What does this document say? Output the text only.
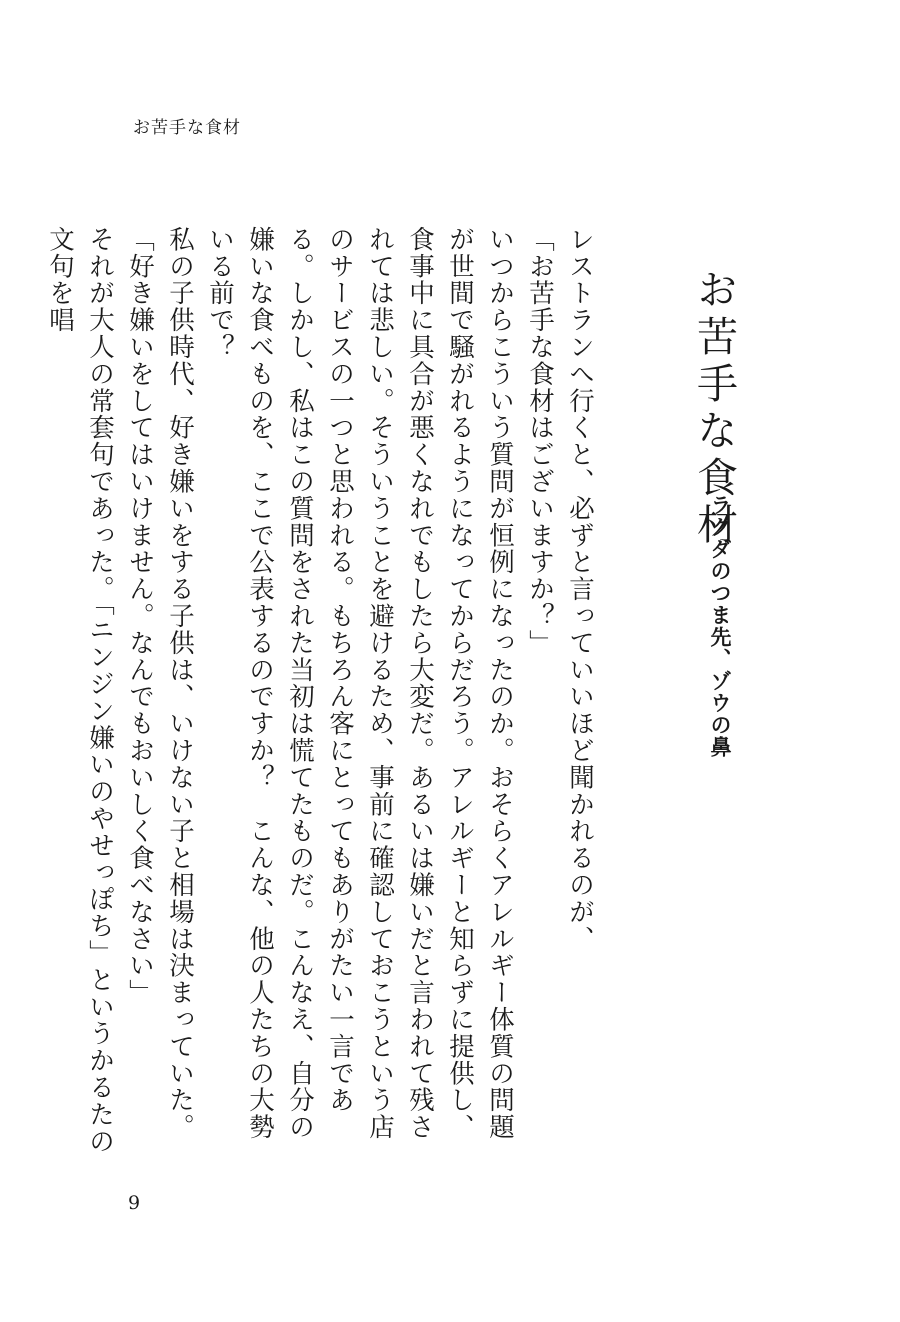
お苦手な食材
お苦手な食材
ラクダのつま先、ゾウの鼻

レストランへ行くと、必ずと言っていいほど聞かれるのが、

「お苦手な食材はございますか？」

いつからこういう質問が恒例になったのか。おそらくアレルギー体質の問題が世間で騒がれるようになってからだろう。アレルギーと知らずに提供し、食事中に具合が悪くなれでもしたら大変だ。あるいは嫌いだと言われて残されては悲しい。そういうことを避けるため、事前に確認しておこうという店のサービスの一つと思われる。もちろん客にとってもありがたい一言である。しかし、私はこの質問をされた当初は慌てたものだ。こんなえ、自分の嫌いな食べものを、ここで公表するのですか？　こんな、他の人たちの大勢いる前で？

私の子供時代、好き嫌いをする子供は、いけない子と相場は決まっていた。

「好き嫌いをしてはいけません。なんでもおいしく食べなさい」

それが大人の常套句であった。「ニンジン嫌いのやせっぽち」というかるたの文句を唱

9
